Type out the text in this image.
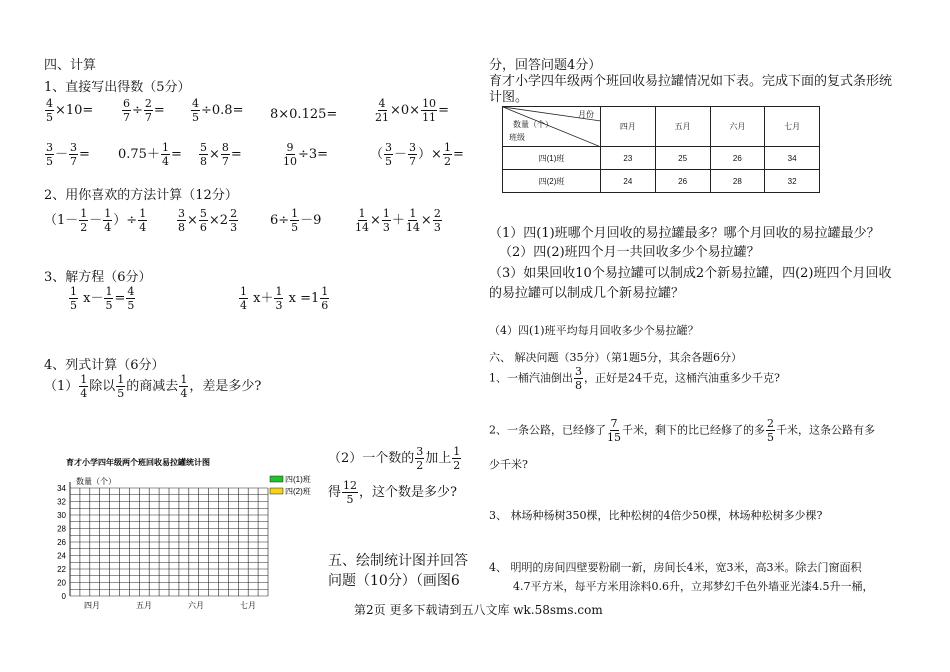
四、计算
1、直接写出得数（5分）
$\frac{4}{5} \times 10=$	$\frac{6}{7} \div \frac{2}{7} = \frac{4}{5} \div 0.8= 8\times 0.125=$	$\frac{4}{21} \times 0\times \frac{10}{11}$ =
$\frac{3}{5} - \frac{3}{7} = 0.75+ \frac{1}{4} = \frac{5}{8} \times \frac{8}{7}$ =	$\frac{9}{10} \div 3=$	（ $\frac{3}{5} - \frac{3}{7}$ ）× $\frac{1}{2}$ =
2、用你喜欢的方法计算（12分）
（$1- \frac{1}{2} - \frac{1}{4}$ ）÷ $\frac{1}{4}$	$\frac{3}{8} \times \frac{5}{6} \times 2 \frac{2}{3} 6\div \frac{1}{5} -9$	$\frac{1}{14} \times \frac{1}{3} + \frac{1}{14} \times \frac{2}{3}$
3、解方程（6分）
$\frac{1}{5} x- \frac{1}{5} = \frac{4}{5}$	$\frac{1}{4} x+ \frac{1}{3}$ $x =1 \frac{1}{6}$
4、列式计算（6分）
$(1) \frac{1}{4}$ 除以 $\frac{1}{5}$ 的商减去 $\frac{1}{4}$ ，差是多少?
（2）一个数的 $\frac{3}{2}$ 加上 $\frac{1}{2}$
得 $\frac{12}{5}$ ，这个数是多少?
五、绘制统计图并回答
问题（10分）（画图6
育才小学四年级两个班回收易拉罐统计图
数量（个）
34
32
30
28
26
24
22
20
0
四月	五月	六月	七月
四(1)班
四(2)班
分，回答问题4分）
育才小学四年级两个班回收易拉罐情况如下表。完成下面的复式条形统
计图。
数量（个）
月份
班级	四月	五月	六月	七月
四(1)班	23	25	26	34
四(2)班	24	26	28	32
（1）四(1)班哪个月回收的易拉罐最多？哪个月回收的易拉罐最少？
（2）四(2)班四个月一共回收多少个易拉罐？
（3）如果回收10个易拉罐可以制成2个新易拉罐，四(2)班四个月回收
的易拉罐可以制成几个新易拉罐？
（4）四(1)班平均每月回收多少个易拉罐？
六、 解决问题（35分）（第1题5分，其余各题6分）
1、一桶汽油倒出 $\frac{3}{8}$ ，正好是24千克，这桶汽油重多少千克?
2、一条公路，已经修了 $\frac{7}{15}$ 千米，剩下的比已经修了的多 $\frac{2}{5}$ 千米，这条公路有多
少千米?
3、 林场种杨树350棵，比种松树的4倍少50棵，林场种松树多少棵?
4、 明明的房间四壁要粉刷一新，房间长4米，宽3米，高3米。除去门窗面积
4.7平方米，每平方米用涂料0.6升，立邦梦幻千色外墙亚光漆4.5升一桶，
第2页 更多下载请到五八文库 wk.58sms.com
